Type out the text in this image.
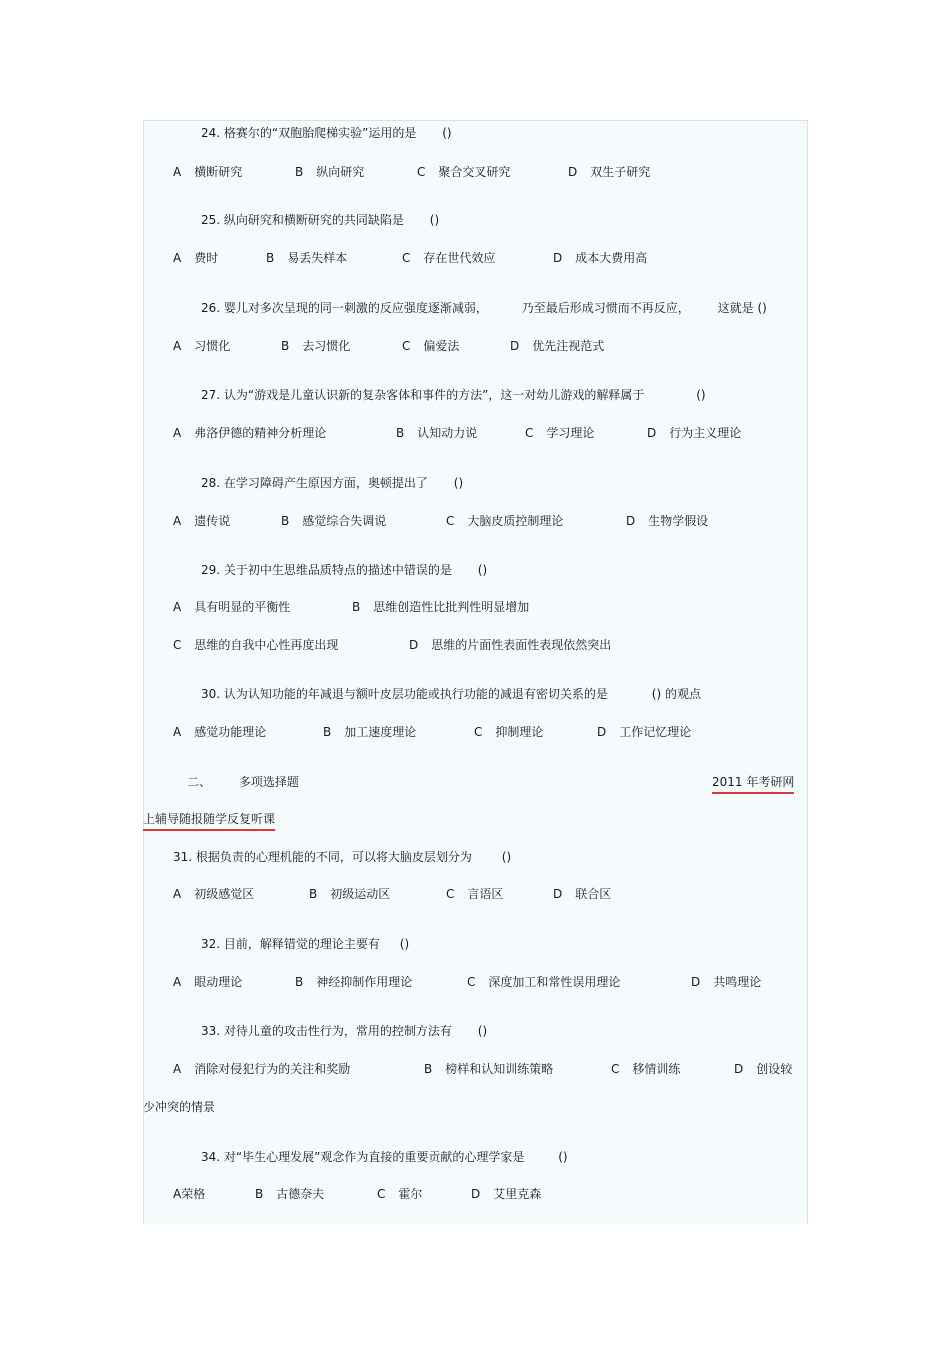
24. 格赛尔的“双胞胎爬梯实验”运用的是 ()
A 横断研究	B 纵向研究	C 聚合交叉研究	D 双生子研究
25. 纵向研究和横断研究的共同缺陷是 ()
A 费时	B 易丢失样本	C 存在世代效应	D 成本大费用高
26. 婴儿对多次呈现的同一刺激的反应强度逐渐减弱，	乃至最后形成习惯而不再反应， 这就是 ()
A 习惯化	B 去习惯化	C 偏爱法	D 优先注视范式
27. 认为“游戏是儿童认识新的复杂客体和事件的方法”，这一对幼儿游戏的解释属于	()
A 弗洛伊德的精神分析理论	B 认知动力说	C 学习理论	D 行为主义理论
28. 在学习障碍产生原因方面，奥顿提出了 ()
A 遗传说	B 感觉综合失调说	C 大脑皮质控制理论	D 生物学假设
29. 关于初中生思维品质特点的描述中错误的是 ()
A 具有明显的平衡性	B 思维创造性比批判性明显增加
C 思维的自我中心性再度出现	D 思维的片面性表面性表现依然突出
30. 认为认知功能的年减退与额叶皮层功能或执行功能的减退有密切关系的是	() 的观点
A 感觉功能理论	B 加工速度理论	C 抑制理论	D 工作记忆理论
二、 多项选择题	2011 年考研网
上辅导随报随学反复听课
31. 根据负责的心理机能的不同，可以将大脑皮层划分为 ()
A 初级感觉区	B 初级运动区	C 言语区	D 联合区
32. 目前，解释错觉的理论主要有 ()
A 眼动理论	B 神经抑制作用理论	C 深度加工和常性误用理论	D 共鸣理论
33. 对待儿童的攻击性行为，常用的控制方法有 ()
A 消除对侵犯行为的关注和奖励	B 榜样和认知训练策略	C 移情训练	D 创设较
少冲突的情景
34. 对“毕生心理发展”观念作为直接的重要贡献的心理学家是	()
A荣格	B 古德奈夫	C 霍尔	D 艾里克森
